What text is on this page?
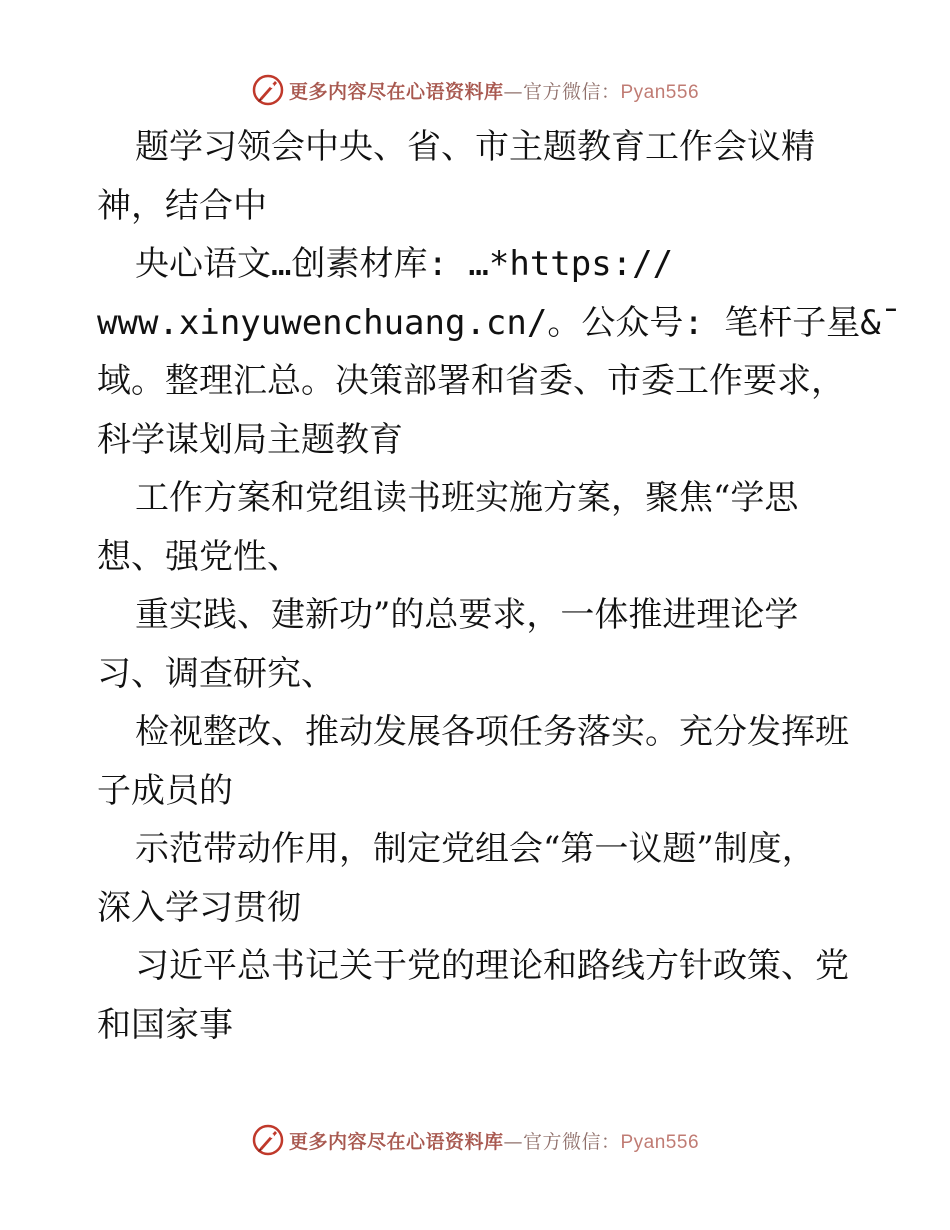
更多内容尽在心语资料库—官方微信：Pyan556
题学习领会中央、省、市主题教育工作会议精
神，结合中
央心语文…创素材库: …*https://
www.xinyuwenchuang.cn/。公众号: 笔杆子星&¯
域。整理汇总。决策部署和省委、市委工作要求，
科学谋划局主题教育
工作方案和党组读书班实施方案，聚焦“学思
想、强党性、
重实践、建新功”的总要求，一体推进理论学
习、调查研究、
检视整改、推动发展各项任务落实。充分发挥班
子成员的
示范带动作用，制定党组会“第一议题”制度，
深入学习贯彻
习近平总书记关于党的理论和路线方针政策、党
和国家事
更多内容尽在心语资料库—官方微信：Pyan556
